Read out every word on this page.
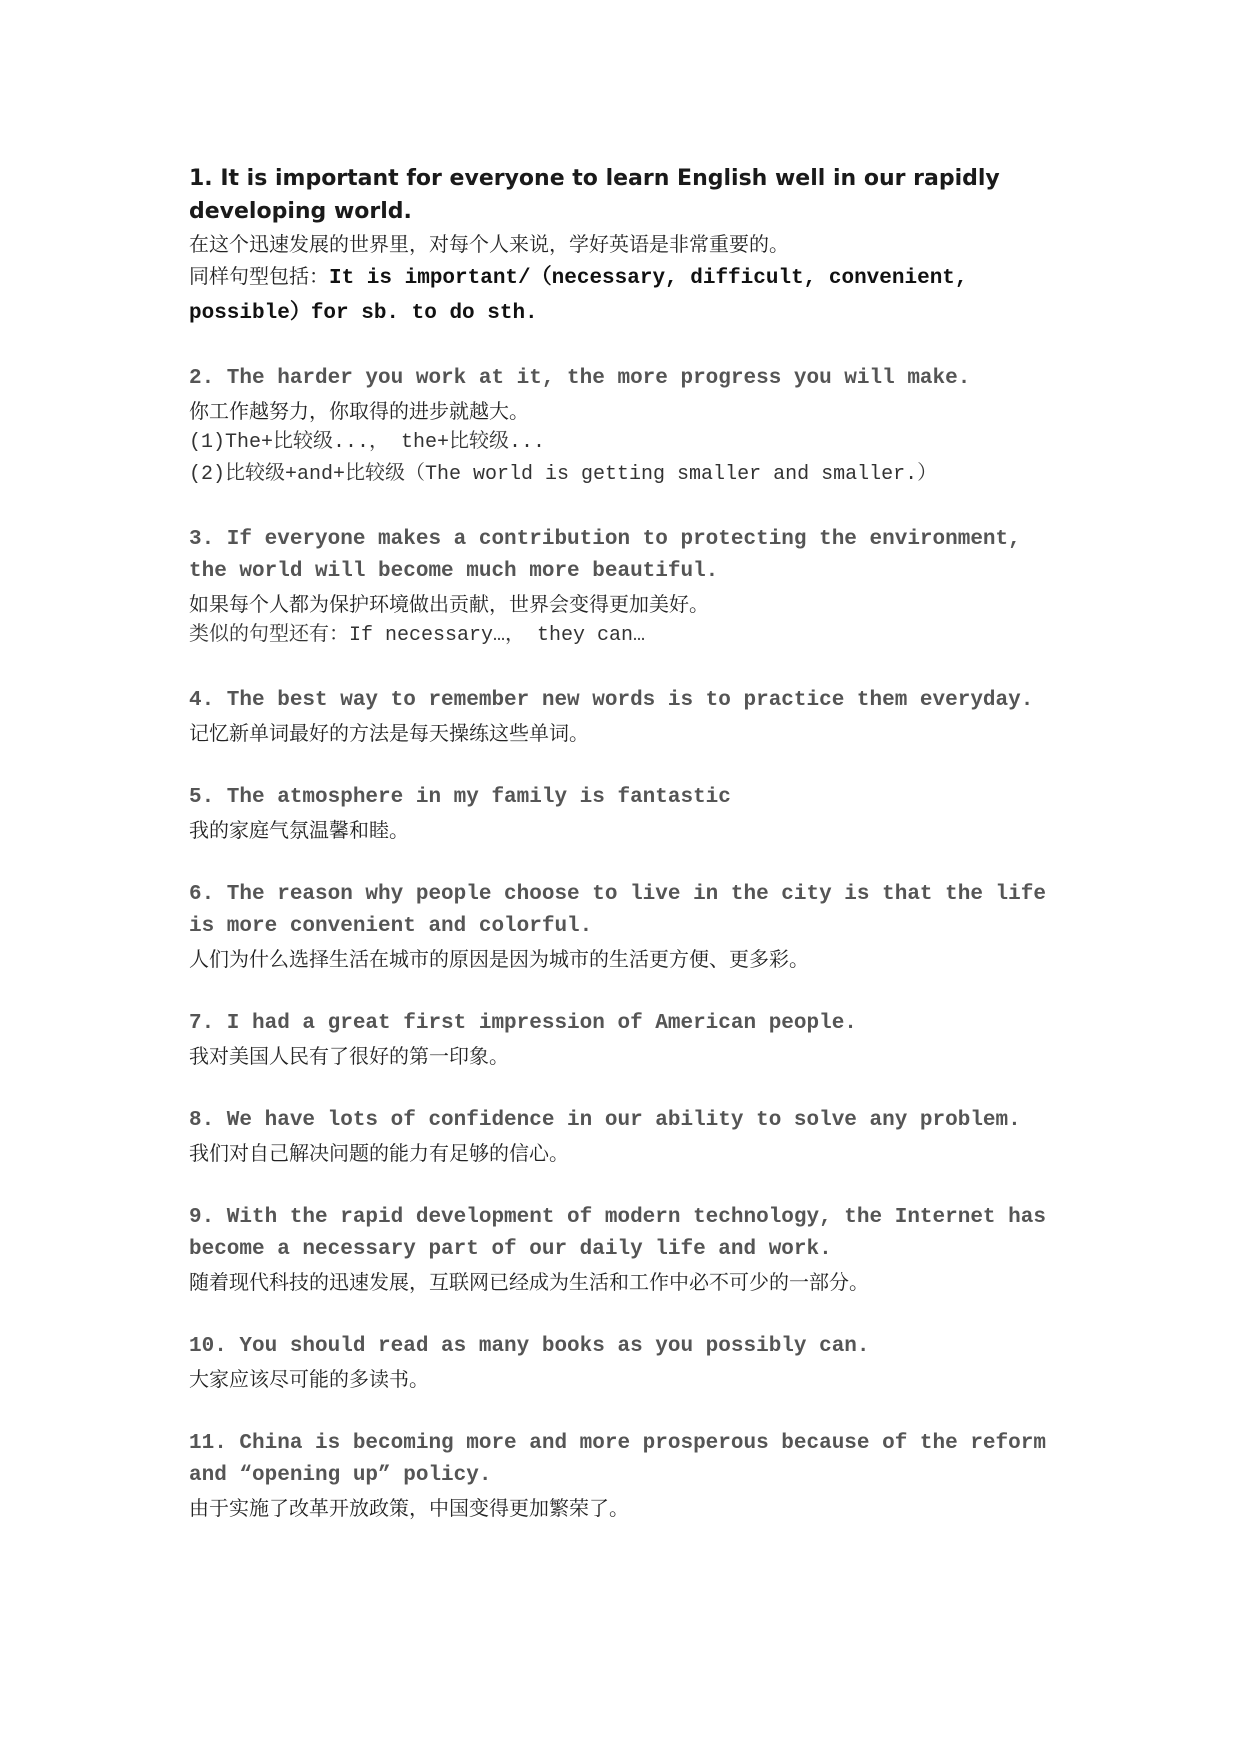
1. It is important for everyone to learn English well in our rapidly developing world.
在这个迅速发展的世界里，对每个人来说，学好英语是非常重要的。
同样句型包括：It is important/（necessary, difficult, convenient, possible）for sb. to do sth.
2. The harder you work at it, the more progress you will make.
你工作越努力，你取得的进步就越大。
(1)The+比较级...， the+比较级...
(2)比较级+and+比较级（The world is getting smaller and smaller.）
3. If everyone makes a contribution to protecting the environment, the world will become much more beautiful.
如果每个人都为保护环境做出贡献，世界会变得更加美好。
类似的句型还有：If necessary…， they can…
4. The best way to remember new words is to practice them everyday.
记忆新单词最好的方法是每天操练这些单词。
5. The atmosphere in my family is fantastic
我的家庭气氛温馨和睦。
6. The reason why people choose to live in the city is that the life is more convenient and colorful.
人们为什么选择生活在城市的原因是因为城市的生活更方便、更多彩。
7. I had a great first impression of American people.
我对美国人民有了很好的第一印象。
8. We have lots of confidence in our ability to solve any problem.
我们对自己解决问题的能力有足够的信心。
9. With the rapid development of modern technology, the Internet has become a necessary part of our daily life and work.
随着现代科技的迅速发展，互联网已经成为生活和工作中必不可少的一部分。
10. You should read as many books as you possibly can.
大家应该尽可能的多读书。
11. China is becoming more and more prosperous because of the reform and “opening up” policy.
由于实施了改革开放政策，中国变得更加繁荣了。
